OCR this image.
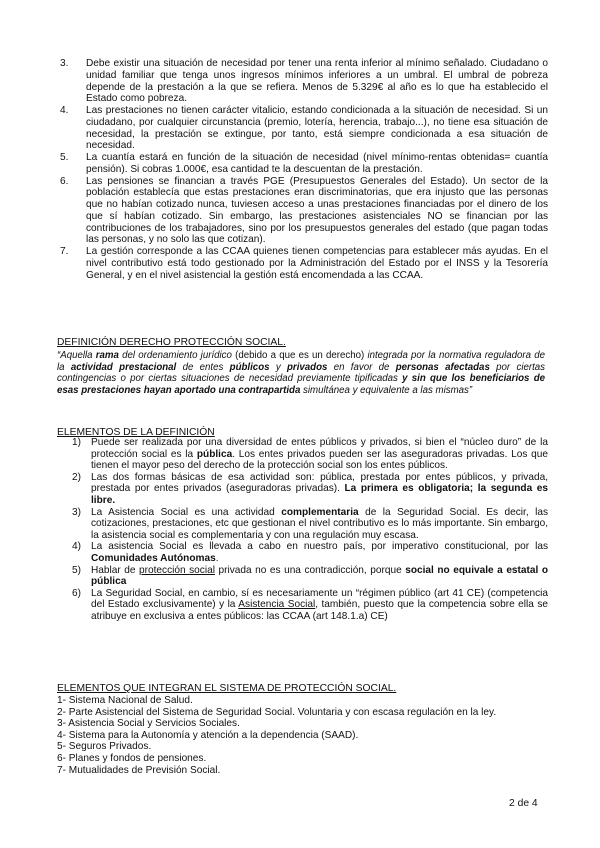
3. Debe existir una situación de necesidad por tener una renta inferior al mínimo señalado. Ciudadano o unidad familiar que tenga unos ingresos mínimos inferiores a un umbral. El umbral de pobreza depende de la prestación a la que se refiera. Menos de 5.329€ al año es lo que ha establecido el Estado como pobreza.
4. Las prestaciones no tienen carácter vitalicio, estando condicionada a la situación de necesidad. Si un ciudadano, por cualquier circunstancia (premio, lotería, herencia, trabajo...), no tiene esa situación de necesidad, la prestación se extingue, por tanto, está siempre condicionada a esa situación de necesidad.
5. La cuantía estará en función de la situación de necesidad (nivel mínimo-rentas obtenidas= cuantía pensión). Si cobras 1.000€, esa cantidad te la descuentan de la prestación.
6. Las pensiones se financian a través PGE (Presupuestos Generales del Estado). Un sector de la población establecía que estas prestaciones eran discriminatorias, que era injusto que las personas que no habían cotizado nunca, tuviesen acceso a unas prestaciones financiadas por el dinero de los que sí habían cotizado. Sin embargo, las prestaciones asistenciales NO se financian por las contribuciones de los trabajadores, sino por los presupuestos generales del estado (que pagan todas las personas, y no solo las que cotizan).
7. La gestión corresponde a las CCAA quienes tienen competencias para establecer más ayudas. En el nivel contributivo está todo gestionado por la Administración del Estado por el INSS y la Tesorería General, y en el nivel asistencial la gestión está encomendada a las CCAA.
DEFINICIÓN DERECHO PROTECCIÓN SOCIAL.
“Aquella rama del ordenamiento jurídico (debido a que es un derecho) integrada por la normativa reguladora de la actividad prestacional de entes públicos y privados en favor de personas afectadas por ciertas contingencias o por ciertas situaciones de necesidad previamente tipificadas y sin que los beneficiarios de esas prestaciones hayan aportado una contrapartida simultánea y equivalente a las mismas”
ELEMENTOS DE LA DEFINICIÓN
1) Puede ser realizada por una diversidad de entes públicos y privados, si bien el “núcleo duro” de la protección social es la pública. Los entes privados pueden ser las aseguradoras privadas. Los que tienen el mayor peso del derecho de la protección social son los entes públicos.
2) Las dos formas básicas de esa actividad son: pública, prestada por entes públicos, y privada, prestada por entes privados (aseguradoras privadas). La primera es obligatoria; la segunda es libre.
3) La Asistencia Social es una actividad complementaria de la Seguridad Social. Es decir, las cotizaciones, prestaciones, etc que gestionan el nivel contributivo es lo más importante. Sin embargo, la asistencia social es complementaria y con una regulación muy escasa.
4) La asistencia Social es llevada a cabo en nuestro país, por imperativo constitucional, por las Comunidades Autónomas.
5) Hablar de protección social privada no es una contradicción, porque social no equivale a estatal o pública
6) La Seguridad Social, en cambio, sí es necesariamente un “régimen público (art 41 CE) (competencia del Estado exclusivamente) y la Asistencia Social, también, puesto que la competencia sobre ella se atribuye en exclusiva a entes públicos: las CCAA (art 148.1.a) CE)
ELEMENTOS QUE INTEGRAN EL SISTEMA DE PROTECCIÓN SOCIAL.
1- Sistema Nacional de Salud.
2- Parte Asistencial del Sistema de Seguridad Social. Voluntaria y con escasa regulación en la ley.
3- Asistencia Social y Servicios Sociales.
4- Sistema para la Autonomía y atención a la dependencia (SAAD).
5- Seguros Privados.
6- Planes y fondos de pensiones.
7- Mutualidades de Previsión Social.
2 de 4
